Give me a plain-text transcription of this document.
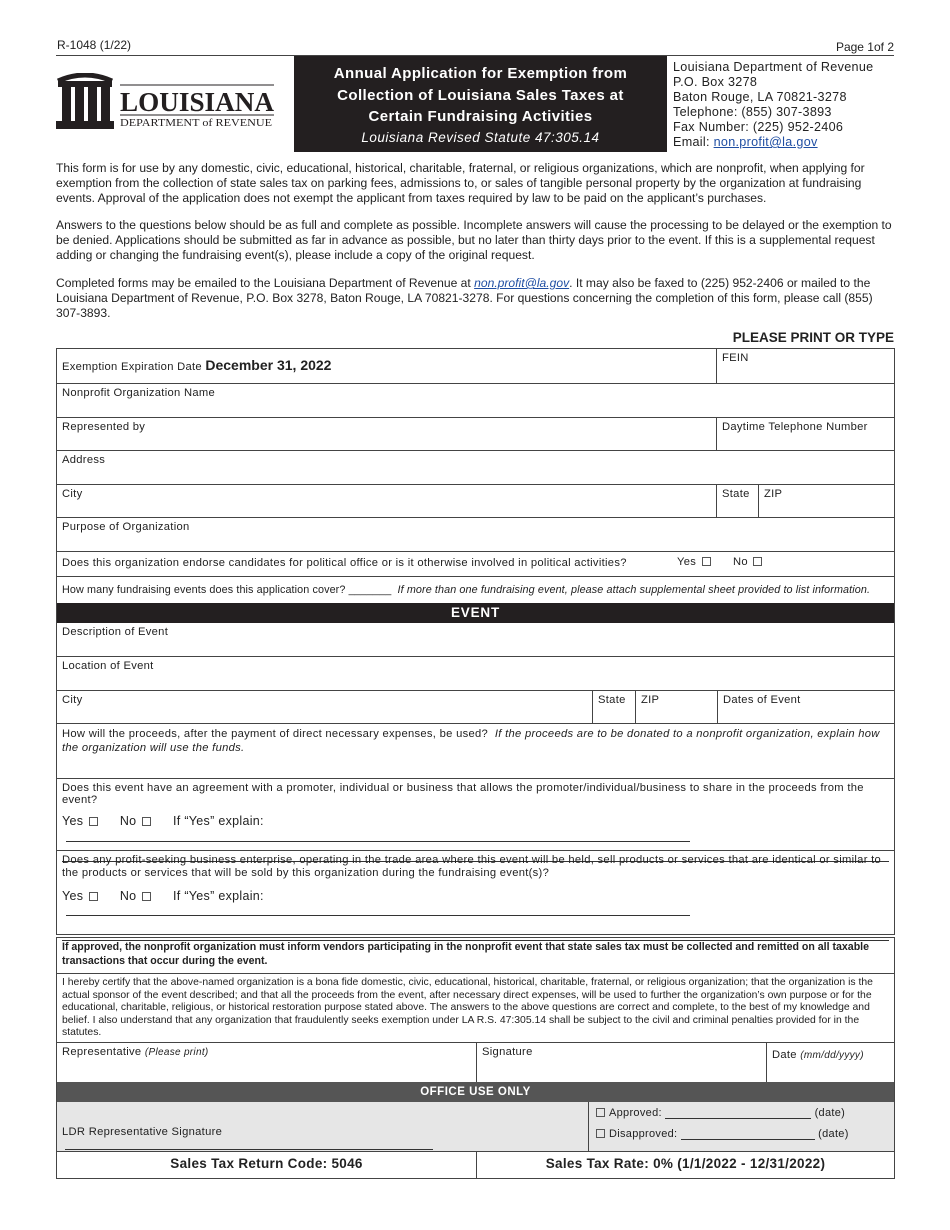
R-1048 (1/22)	Page 1of 2
LOUISIANA
DEPARTMENT of REVENUE
Annual Application for Exemption from
Collection of Louisiana Sales Taxes at
Certain Fundraising Activities
Louisiana Revised Statute 47:305.14
Louisiana Department of Revenue
P.O. Box 3278
Baton Rouge, LA 70821-3278
Telephone: (855) 307-3893
Fax Number: (225) 952-2406
Email: non.profit@la.gov
This form is for use by any domestic, civic, educational, historical, charitable, fraternal, or religious organizations, which are nonprofit, when applying for exemption from the collection of state sales tax on parking fees, admissions to, or sales of tangible personal property by the organization at fundraising events. Approval of the application does not exempt the applicant from taxes required by law to be paid on the applicant’s purchases.
Answers to the questions below should be as full and complete as possible. Incomplete answers will cause the processing to be delayed or the exemption to be denied. Applications should be submitted as far in advance as possible, but no later than thirty days prior to the event. If this is a supplemental request adding or changing the fundraising event(s), please include a copy of the original request.
Completed forms may be emailed to the Louisiana Department of Revenue at non.profit@la.gov. It may also be faxed to (225) 952-2406 or mailed to the Louisiana Department of Revenue, P.O. Box 3278, Baton Rouge, LA 70821-3278. For questions concerning the completion of this form, please call (855) 307-3893.
PLEASE PRINT OR TYPE
Exemption Expiration Date December 31, 2022	FEIN
Nonprofit Organization Name
Represented by	Daytime Telephone Number
Address
City	State	ZIP
Purpose of Organization
Does this organization endorse candidates for political office or is it otherwise involved in political activities?	Yes	No
How many fundraising events does this application cover? _______ If more than one fundraising event, please attach supplemental sheet provided to list information.
EVENT
Description of Event
Location of Event
City	State	ZIP	Dates of Event
How will the proceeds, after the payment of direct necessary expenses, be used? If the proceeds are to be donated to a nonprofit organization, explain how the organization will use the funds.
Does this event have an agreement with a promoter, individual or business that allows the promoter/individual/business to share in the proceeds from the event?
Yes	No	If “Yes” explain:
Does any profit-seeking business enterprise, operating in the trade area where this event will be held, sell products or services that are identical or similar to the products or services that will be sold by this organization during the fundraising event(s)?
Yes	No	If “Yes” explain:
If approved, the nonprofit organization must inform vendors participating in the nonprofit event that state sales tax must be collected and remitted on all taxable transactions that occur during the event.
I hereby certify that the above-named organization is a bona fide domestic, civic, educational, historical, charitable, fraternal, or religious organization; that the organization is the actual sponsor of the event described; and that all the proceeds from the event, after necessary direct expenses, will be used to further the organization’s own purpose or for the educational, charitable, religious, or historical restoration purpose stated above. The answers to the above questions are correct and complete, to the best of my knowledge and belief. I also understand that any organization that fraudulently seeks exemption under LA R.S. 47:305.14 shall be subject to the civil and criminal penalties provided for in the statutes.
Representative (Please print)	Signature	Date (mm/dd/yyyy)
OFFICE USE ONLY
LDR Representative Signature
Approved:	(date)
Disapproved:	(date)
Sales Tax Return Code: 5046	Sales Tax Rate: 0% (1/1/2022 - 12/31/2022)
